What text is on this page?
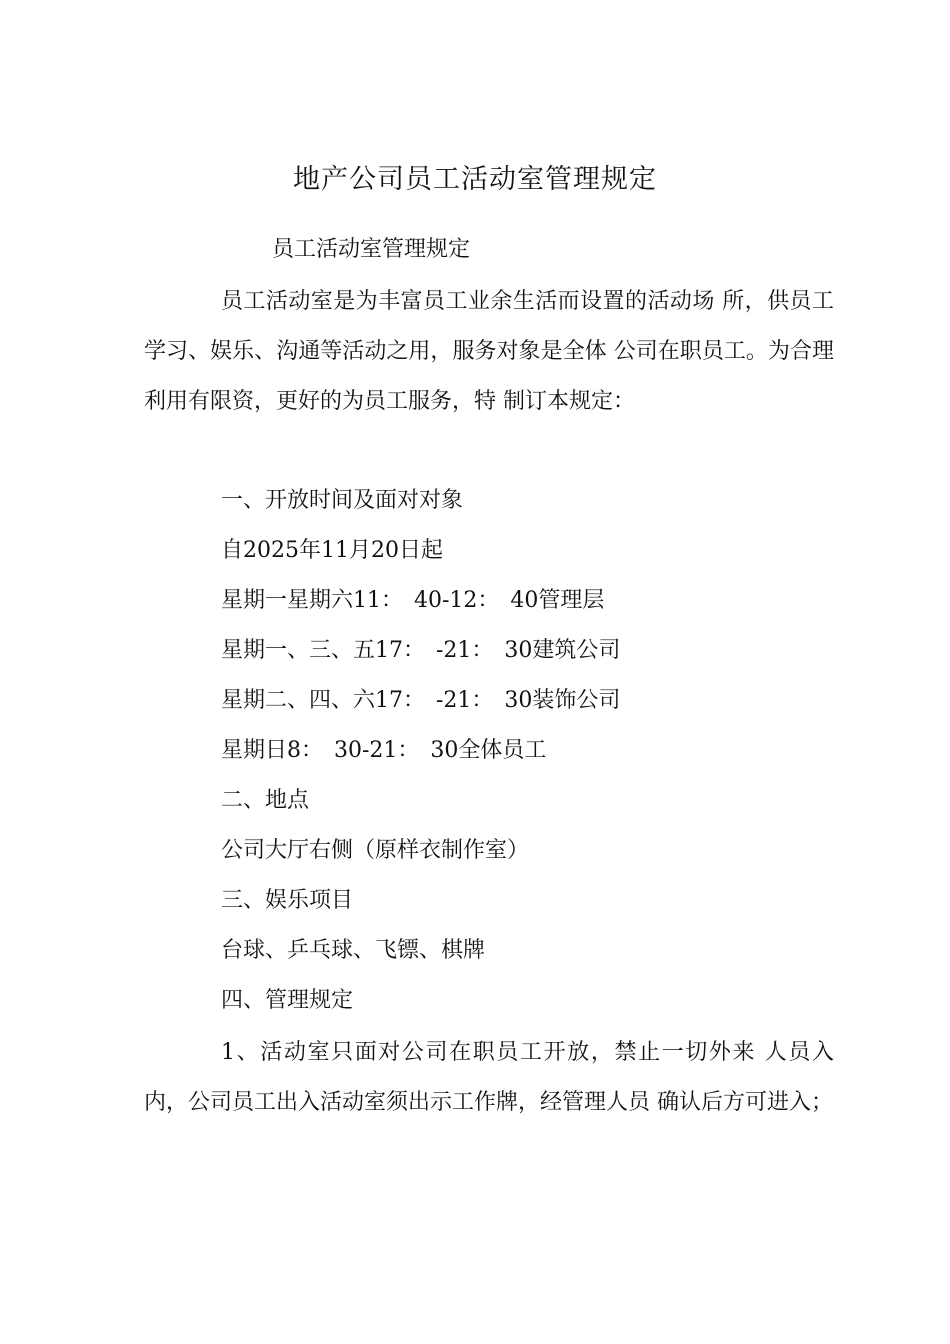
地产公司员工活动室管理规定
员工活动室管理规定
员工活动室是为丰富员工业余生活而设置的活动场 所，供员工学习、娱乐、沟通等活动之用，服务对象是全体 公司在职员工。为合理利用有限资，更好的为员工服务，特 制订本规定：
一、开放时间及面对对象
自2025年11月20日起
星期一星期六11：　40-12：　40管理层
星期一、三、五17：　-21：　30建筑公司
星期二、四、六17：　-21：　30装饰公司
星期日8：　30-21：　30全体员工
二、地点
公司大厅右侧（原样衣制作室）
三、娱乐项目
台球、乒乓球、飞镖、棋牌
四、管理规定
1、活动室只面对公司在职员工开放，禁止一切外来 人员入内，公司员工出入活动室须出示工作牌，经管理人员 确认后方可进入；
